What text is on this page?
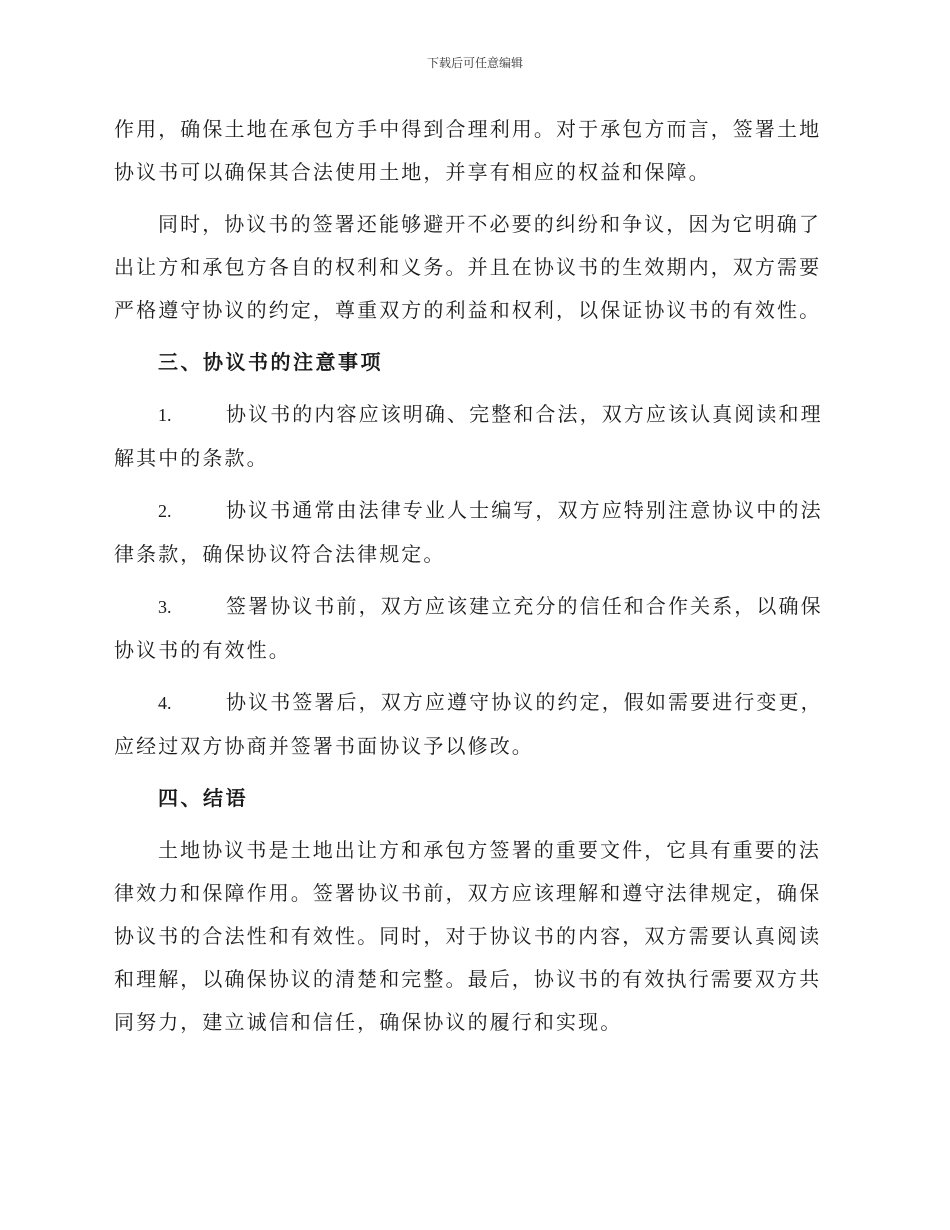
下载后可任意编辑

作用，确保土地在承包方手中得到合理利用。对于承包方而言，签署土地协议书可以确保其合法使用土地，并享有相应的权益和保障。

同时，协议书的签署还能够避开不必要的纠纷和争议，因为它明确了出让方和承包方各自的权利和义务。并且在协议书的生效期内，双方需要严格遵守协议的约定，尊重双方的利益和权利，以保证协议书的有效性。

三、协议书的注意事项

1.	协议书的内容应该明确、完整和合法，双方应该认真阅读和理解其中的条款。

2.	协议书通常由法律专业人士编写，双方应特别注意协议中的法律条款，确保协议符合法律规定。

3.	签署协议书前，双方应该建立充分的信任和合作关系，以确保协议书的有效性。

4.	协议书签署后，双方应遵守协议的约定，假如需要进行变更，应经过双方协商并签署书面协议予以修改。

四、结语

土地协议书是土地出让方和承包方签署的重要文件，它具有重要的法律效力和保障作用。签署协议书前，双方应该理解和遵守法律规定，确保协议书的合法性和有效性。同时，对于协议书的内容，双方需要认真阅读和理解，以确保协议的清楚和完整。最后，协议书的有效执行需要双方共同努力，建立诚信和信任，确保协议的履行和实现。
